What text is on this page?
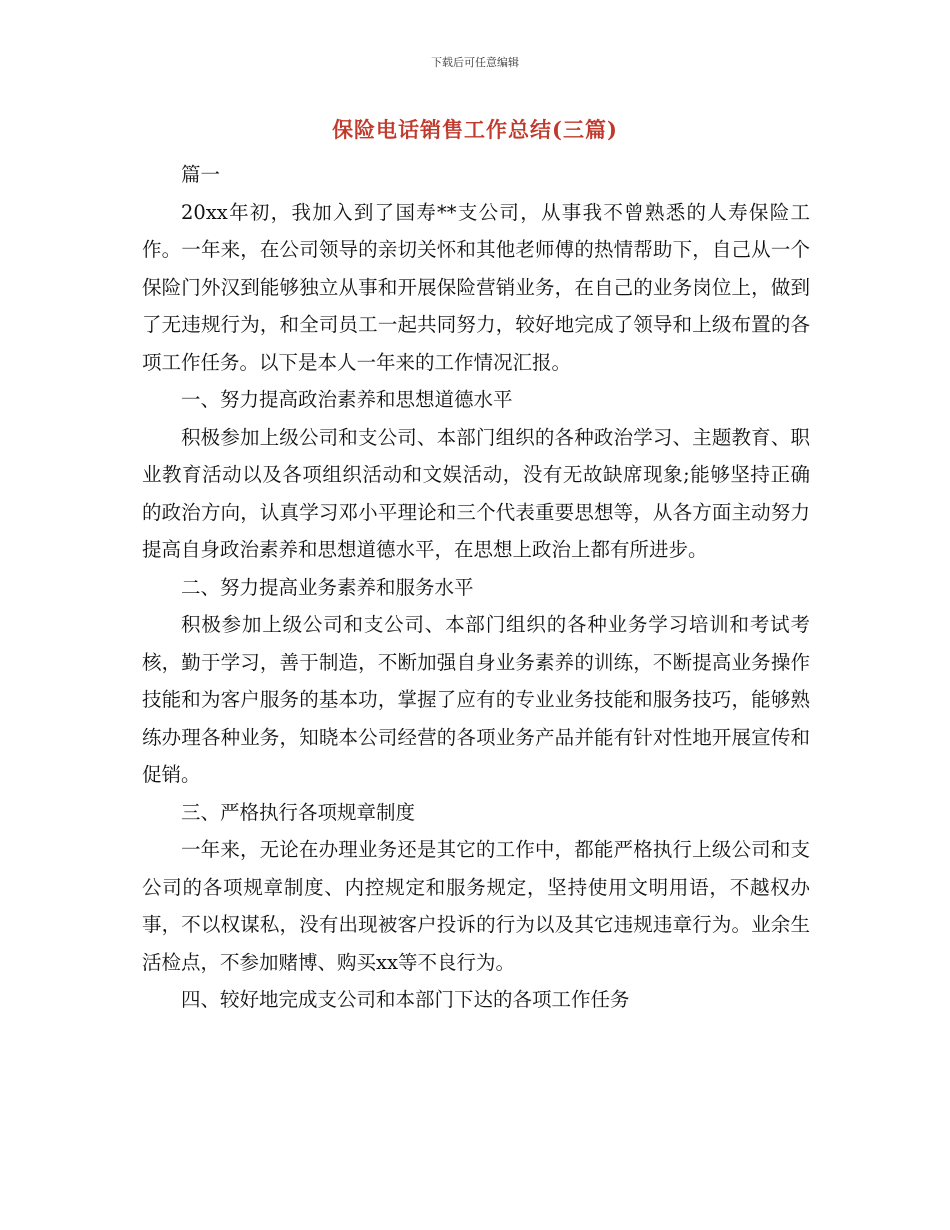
下载后可任意编辑
保险电话销售工作总结(三篇)

篇一

20xx年初，我加入到了国寿**支公司，从事我不曾熟悉的人寿保险工作。一年来，在公司领导的亲切关怀和其他老师傅的热情帮助下，自己从一个保险门外汉到能够独立从事和开展保险营销业务，在自己的业务岗位上，做到了无违规行为，和全司员工一起共同努力，较好地完成了领导和上级布置的各项工作任务。以下是本人一年来的工作情况汇报。

一、努力提高政治素养和思想道德水平

积极参加上级公司和支公司、本部门组织的各种政治学习、主题教育、职业教育活动以及各项组织活动和文娱活动，没有无故缺席现象;能够坚持正确的政治方向，认真学习邓小平理论和三个代表重要思想等，从各方面主动努力提高自身政治素养和思想道德水平，在思想上政治上都有所进步。

二、努力提高业务素养和服务水平

积极参加上级公司和支公司、本部门组织的各种业务学习培训和考试考核，勤于学习，善于制造，不断加强自身业务素养的训练，不断提高业务操作技能和为客户服务的基本功，掌握了应有的专业业务技能和服务技巧，能够熟练办理各种业务，知晓本公司经营的各项业务产品并能有针对性地开展宣传和促销。

三、严格执行各项规章制度

一年来，无论在办理业务还是其它的工作中，都能严格执行上级公司和支公司的各项规章制度、内控规定和服务规定，坚持使用文明用语，不越权办事，不以权谋私，没有出现被客户投诉的行为以及其它违规违章行为。业余生活检点，不参加赌博、购买xx等不良行为。

四、较好地完成支公司和本部门下达的各项工作任务
